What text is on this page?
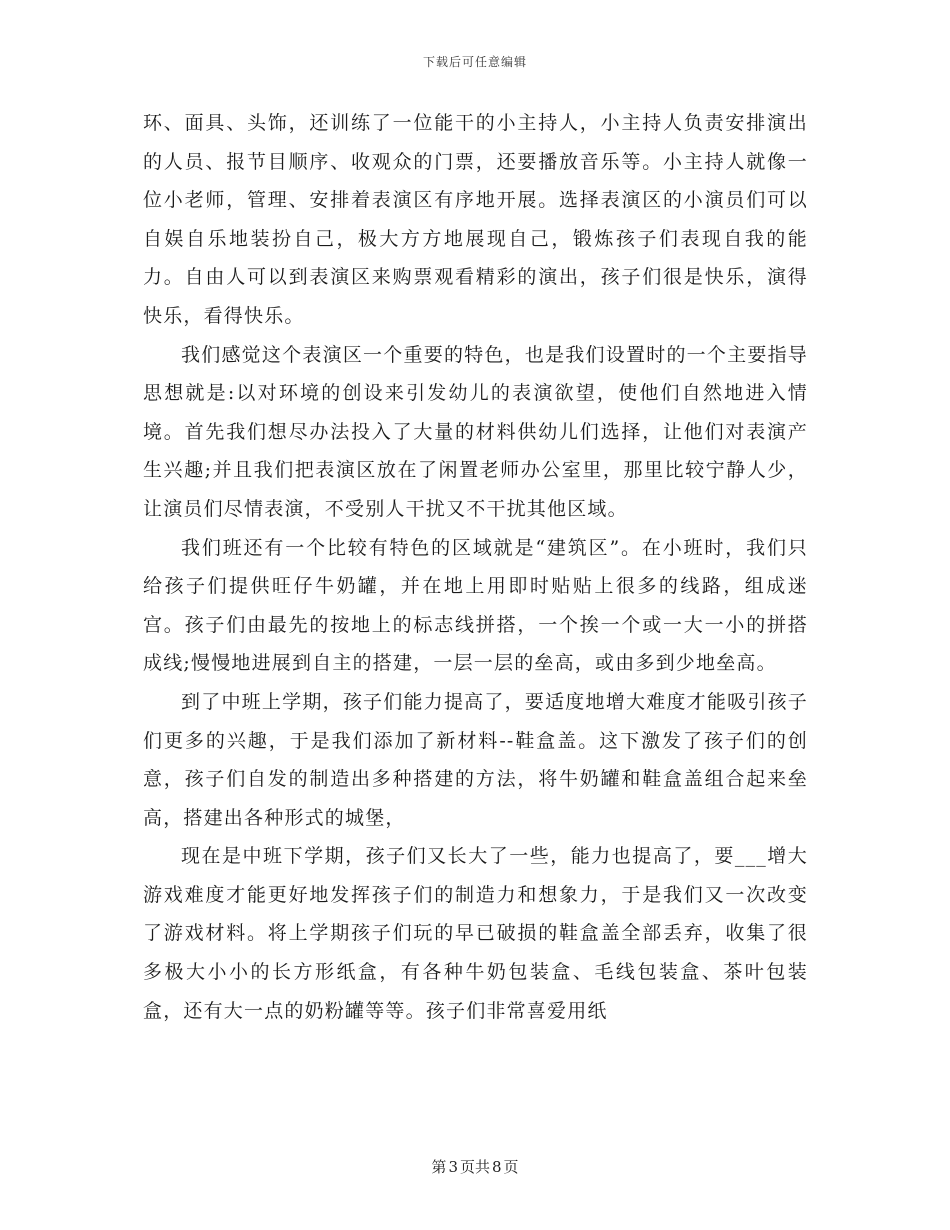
下载后可任意编辑

环、面具、头饰，还训练了一位能干的小主持人，小主持人负责安排演出的人员、报节目顺序、收观众的门票，还要播放音乐等。小主持人就像一位小老师，管理、安排着表演区有序地开展。选择表演区的小演员们可以自娱自乐地装扮自己，极大方方地展现自己，锻炼孩子们表现自我的能力。自由人可以到表演区来购票观看精彩的演出，孩子们很是快乐，演得快乐，看得快乐。

我们感觉这个表演区一个重要的特色，也是我们设置时的一个主要指导思想就是:以对环境的创设来引发幼儿的表演欲望，使他们自然地进入情境。首先我们想尽办法投入了大量的材料供幼儿们选择，让他们对表演产生兴趣;并且我们把表演区放在了闲置老师办公室里，那里比较宁静人少，让演员们尽情表演，不受别人干扰又不干扰其他区域。

我们班还有一个比较有特色的区域就是“建筑区”。在小班时，我们只给孩子们提供旺仔牛奶罐，并在地上用即时贴贴上很多的线路，组成迷宫。孩子们由最先的按地上的标志线拼搭，一个挨一个或一大一小的拼搭成线;慢慢地进展到自主的搭建，一层一层的垒高，或由多到少地垒高。

到了中班上学期，孩子们能力提高了，要适度地增大难度才能吸引孩子们更多的兴趣，于是我们添加了新材料--鞋盒盖。这下激发了孩子们的创意，孩子们自发的制造出多种搭建的方法，将牛奶罐和鞋盒盖组合起来垒高，搭建出各种形式的城堡，

现在是中班下学期，孩子们又长大了一些，能力也提高了，要___增大游戏难度才能更好地发挥孩子们的制造力和想象力，于是我们又一次改变了游戏材料。将上学期孩子们玩的早已破损的鞋盒盖全部丢弃，收集了很多极大小小的长方形纸盒，有各种牛奶包装盒、毛线包装盒、茶叶包装盒，还有大一点的奶粉罐等等。孩子们非常喜爱用纸

第 3 页共 8 页
